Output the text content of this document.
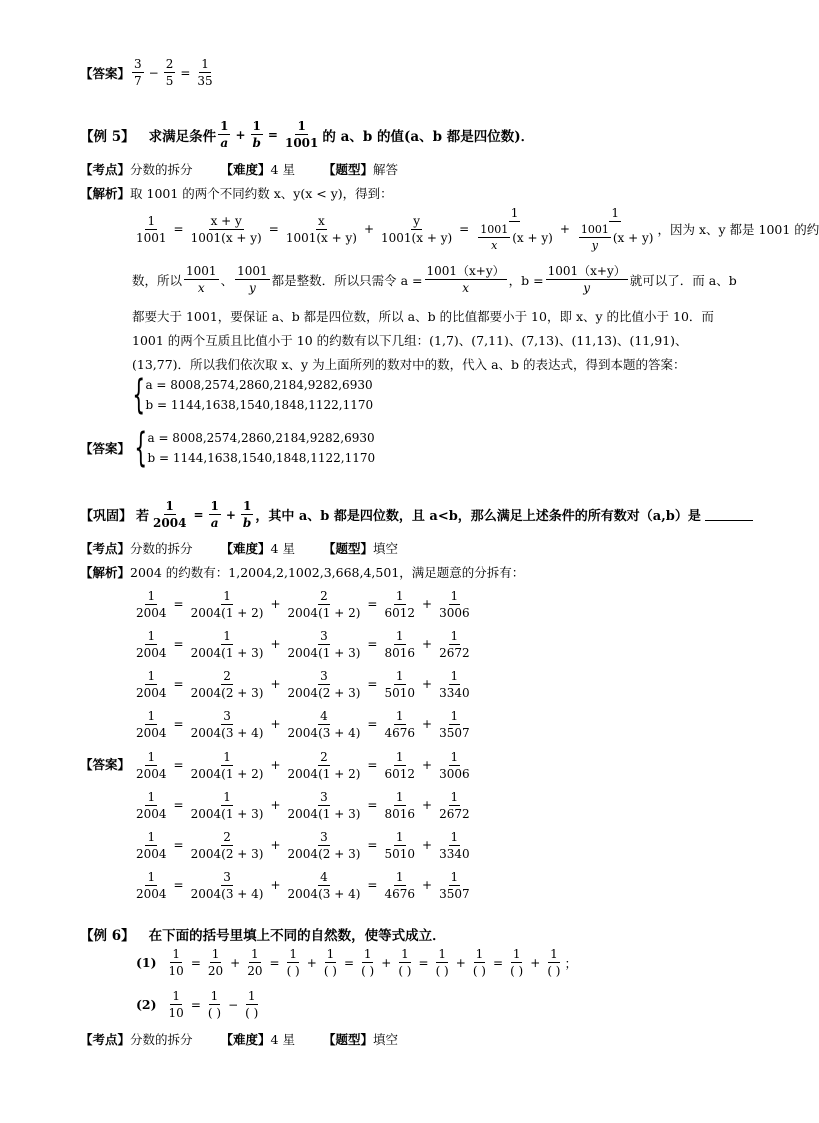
【答案】 $\frac{3}{7} - \frac{2}{5} = \frac{1}{35}$
【例 5】 求满足条件 $\frac{1}{a} + \frac{1}{b} = \frac{1}{1001}$ 的 a、b 的值(a、b 都是四位数)．
【考点】分数的拆分 【难度】4 星 【题型】解答
【解析】取 1001 的两个不同约数 x、y(x < y)，得到：
$\frac{1}{1001} = \frac{x + y}{1001(x + y)} = \frac{x}{1001(x + y)} + \frac{y}{1001(x + y)} = \frac{1}{\frac{1001}{x} (x + y)} + \frac{1}{\frac{1001}{y} (x + y)}$ ，因为 x、y 都是 1001 的约
数，所以 $\frac{1001}{x}$ 、 $\frac{1001}{y}$ 都是整数．所以只需令 $a = \frac{1001(x+y)}{x}$ ，$b = \frac{1001(x+y)}{y}$ 就可以了．而 a、b
都要大于 1001，要保证 a、b 都是四位数，所以 a、b 的比值都要小于 10，即 x、y 的比值小于 10．而
1001 的两个互质且比值小于 10 的约数有以下几组：(1,7)、(7,11)、(7,13)、(11,13)、(11,91)、
(13,77)．所以我们依次取 x、y 为上面所列的数对中的数，代入 a、b 的表达式，得到本题的答案：
{ a = 8008,2574,2860,2184,9282,6930
b = 1144,1638,1540,1848,1122,1170
【答案】 { a = 8008,2574,2860,2184,9282,6930
b = 1144,1638,1540,1848,1122,1170
【巩固】 若 $\frac{1}{2004} = \frac{1}{a} + \frac{1}{b}$ ，其中 a、b 都是四位数，且 a<b，那么满足上述条件的所有数对（a,b）是
【考点】分数的拆分 【难度】4 星 【题型】填空
【解析】2004 的约数有：1,2004,2,1002,3,668,4,501，满足题意的分拆有：
$\frac{1}{2004} = \frac{1}{2004(1 + 2)} + \frac{2}{2004(1 + 2)} = \frac{1}{6012} + \frac{1}{3006}$
$\frac{1}{2004} = \frac{1}{2004(1 + 3)} + \frac{3}{2004(1 + 3)} = \frac{1}{8016} + \frac{1}{2672}$
$\frac{1}{2004} = \frac{2}{2004(2 + 3)} + \frac{3}{2004(2 + 3)} = \frac{1}{5010} + \frac{1}{3340}$
$\frac{1}{2004} = \frac{3}{2004(3 + 4)} + \frac{4}{2004(3 + 4)} = \frac{1}{4676} + \frac{1}{3507}$
【答案】 $\frac{1}{2004} = \frac{1}{2004(1 + 2)} + \frac{2}{2004(1 + 2)} = \frac{1}{6012} + \frac{1}{3006}$
$\frac{1}{2004} = \frac{1}{2004(1 + 3)} + \frac{3}{2004(1 + 3)} = \frac{1}{8016} + \frac{1}{2672}$
$\frac{1}{2004} = \frac{2}{2004(2 + 3)} + \frac{3}{2004(2 + 3)} = \frac{1}{5010} + \frac{1}{3340}$
$\frac{1}{2004} = \frac{3}{2004(3 + 4)} + \frac{4}{2004(3 + 4)} = \frac{1}{4676} + \frac{1}{3507}$
【例 6】 在下面的括号里填上不同的自然数，使等式成立．
$(1) \frac{1}{10} = \frac{1}{20} + \frac{1}{20} = \frac{1}{( )} + \frac{1}{( )} = \frac{1}{( )} + \frac{1}{( )} = \frac{1}{( )} + \frac{1}{( )} = \frac{1}{( )} + \frac{1}{( )}$ ；
$(2) \frac{1}{10} = \frac{1}{( )} - \frac{1}{( )}$
【考点】分数的拆分 【难度】4 星 【题型】填空
